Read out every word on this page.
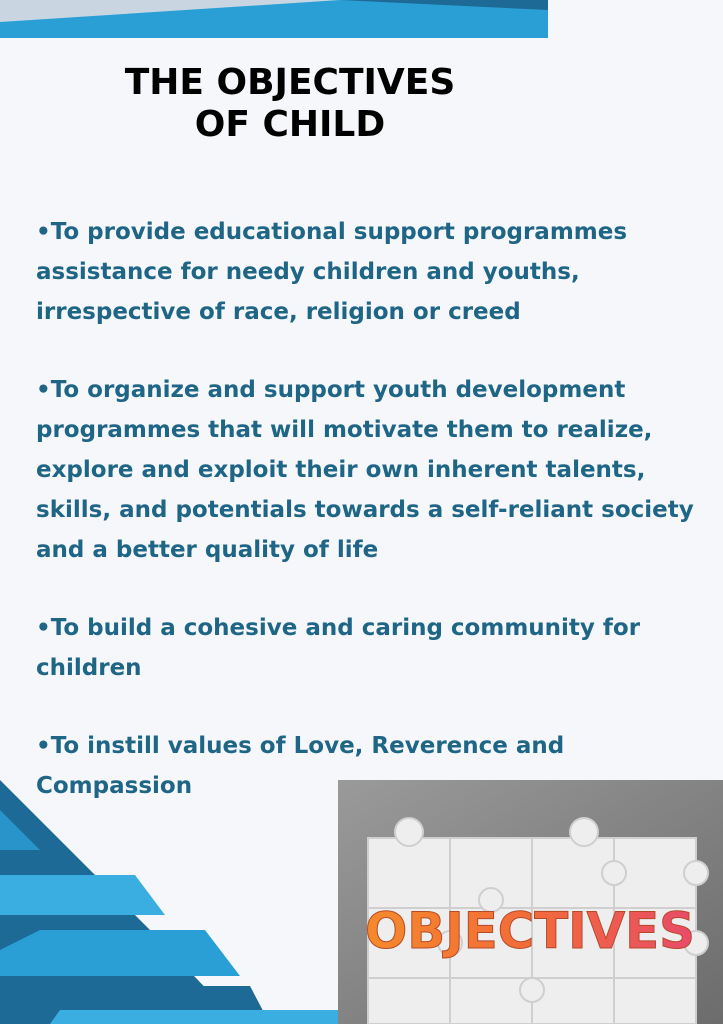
THE OBJECTIVES
OF CHILD
•To provide educational support programmes assistance for needy children and youths, irrespective of race, religion or creed
•To organize and support youth development programmes that will motivate them to realize, explore and exploit their own inherent talents, skills, and potentials towards a self-reliant society and a better quality of life
•To build a cohesive and caring community for children
•To instill values of Love, Reverence and Compassion
OBJECTIVES
